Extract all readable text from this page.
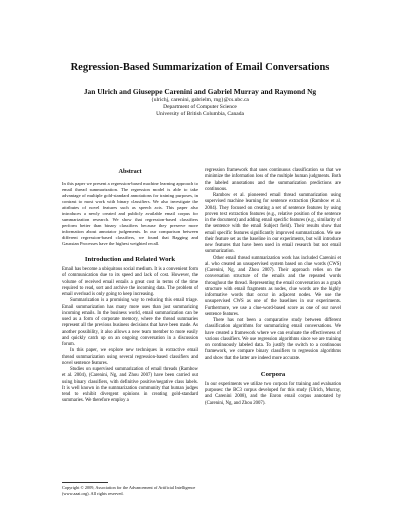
Regression-Based Summarization of Email Conversations
Jan Ulrich and Giuseppe Carenini and Gabriel Murray and Raymond Ng
{ulrichj, carenini, gabrielm, rng}@cs.ubc.ca
Department of Computer Science
University of British Columbia, Canada
Abstract

In this paper we present a regression-based machine learning approach to email thread summarization. The regression model is able to take advantage of multiple gold-standard annotations for training purposes, in contrast to most work with binary classifiers. We also investigate the attributes of novel features such as speech acts. This paper also introduces a newly created and publicly available email corpus for summarization research. We show that regression-based classifiers perform better than binary classifiers because they preserve more information about annotator judgements. In our comparison between different regression-based classifiers, we found that Bagging and Gaussian Processes have the highest weighted recall.

Introduction and Related Work

Email has become a ubiquitous social medium. It is a convenient form of communication due to its speed and lack of cost. However, the volume of received email entails a great cost in terms of the time required to read, sort and archive the incoming data. The problem of email overload is only going to keep increasing.

Summarization is a promising way to reducing this email triage. Email summarization has many more uses than just summarizing incoming emails. In the business world, email summarization can be used as a form of corporate memory, where the thread summaries represent all the previous business decisions that have been made. As another possibility, it also allows a new team member to more easily and quickly catch up on an ongoing conversation in a discussion forum.

In this paper, we explore new techniques in extractive email thread summarization using several regression-based classifiers and novel sentence features.

Studies on supervised summarization of email threads (Rambow et al. 2004), (Carenini, Ng, and Zhou 2007) have been carried out using binary classifiers, with definitive positive/negative class labels. It is well known in the summarization community that human judges tend to exhibit divergent opinions in creating gold-standard summaries. We therefore employ a

regression framework that uses continuous classification so that we minimize the information loss of the multiple human judgments. Both the labeled annotations and the summarization predictions are continuous.

Rambow et al. pioneered email thread summarization using supervised machine learning for sentence extraction (Rambow et al. 2004). They focused on creating a set of sentence features by using proven text extraction features (e.g., relative position of the sentence in the document) and adding email specific features (e.g., similarity of the sentence with the email Subject field). Their results show that email specific features significantly improved summarization. We use their feature set as the baseline in our experiments, but will introduce new features that have been used in email research but not email summarization.

Other email thread summarization work has included Carenini et al. who created an unsupervised system based on clue words (CWS) (Carenini, Ng, and Zhou 2007). Their approach relies on the conversation structure of the emails and the repeated words throughout the thread. Representing the email conversation as a graph structure with email fragments as nodes, clue words are the highly informative words that occur in adjacent nodes. We use the unsupervised CWS as one of the baselines in our experiments. Furthermore, we use a clue-word-based score as one of our novel sentence features.

There has not been a comparative study between different classification algorithms for summarizing email conversations. We have created a framework where we can evaluate the effectiveness of various classifiers. We use regression algorithms since we are training on continuously labeled data. To justify the switch to a continuous framework, we compare binary classifiers to regression algorithms and show that the latter are indeed more accurate.

Corpora

In our experiments we utilize two corpora for training and evaluation purposes: the BC3 corpus developed for this study (Ulrich, Murray, and Carenini 2008), and the Enron email corpus annotated by (Carenini, Ng, and Zhou 2007).

Copyright © 2009, Association for the Advancement of Artificial Intelligence (www.aaai.org). All rights reserved.
